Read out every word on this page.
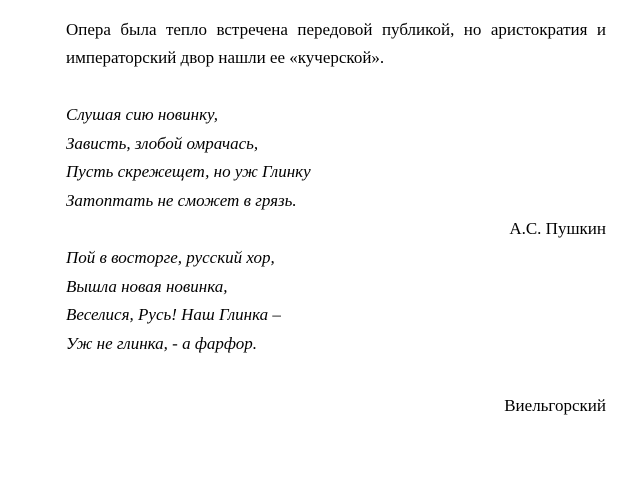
Опера была тепло встречена передовой публикой, но аристократия и императорский двор нашли ее «кучерской».

Слушая сию новинку,
Зависть, злобой омрачась,
Пусть скрежещет, но уж Глинку
Затоптать не сможет в грязь.
А.С. Пушкин
Пой в восторге, русский хор,
Вышла новая новинка,
Веселися, Русь! Наш Глинка –
Уж не глинка, - а фарфор.
Виельгорский
